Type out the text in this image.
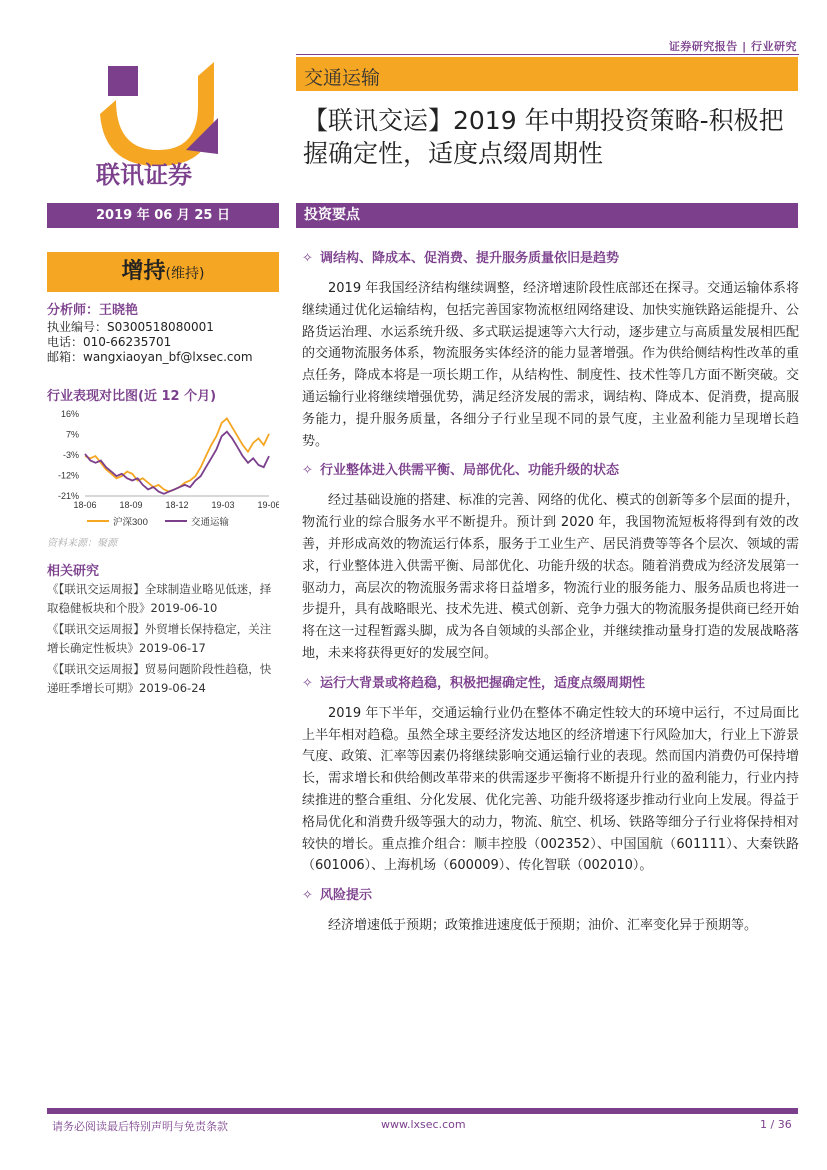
证券研究报告 | 行业研究
交通运输
【联讯交运】2019 年中期投资策略-积极把握确定性，适度点缀周期性
联讯证券
2019 年 06 月 25 日	投资要点
增持(维持)
分析师：王晓艳
执业编号：S0300518080001
电话：010-66235701
邮箱：wangxiaoyan_bf@lxsec.com
行业表现对比图(近 12 个月)
16%
7%
-3%
-12%
-21%
18-06	18-09	18-12	19-03	19-06
沪深300	交通运输
资料来源：聚源
相关研究

《【联讯交运周报】全球制造业略见低迷，择取稳健板块和个股》2019-06-10

《【联讯交运周报】外贸增长保持稳定，关注增长确定性板块》2019-06-17

《【联讯交运周报】贸易问题阶段性趋稳，快递旺季增长可期》2019-06-24

✧ 调结构、降成本、促消费、提升服务质量依旧是趋势

2019 年我国经济结构继续调整，经济增速阶段性底部还在探寻。交通运输体系将继续通过优化运输结构，包括完善国家物流枢纽网络建设、加快实施铁路运能提升、公路货运治理、水运系统升级、多式联运提速等六大行动，逐步建立与高质量发展相匹配的交通物流服务体系，物流服务实体经济的能力显著增强。作为供给侧结构性改革的重点任务，降成本将是一项长期工作，从结构性、制度性、技术性等几方面不断突破。交通运输行业将继续增强优势，满足经济发展的需求，调结构、降成本、促消费，提高服务能力，提升服务质量，各细分子行业呈现不同的景气度，主业盈利能力呈现增长趋势。

✧ 行业整体进入供需平衡、局部优化、功能升级的状态

经过基础设施的搭建、标准的完善、网络的优化、模式的创新等多个层面的提升，物流行业的综合服务水平不断提升。预计到 2020 年，我国物流短板将得到有效的改善，并形成高效的物流运行体系，服务于工业生产、居民消费等等各个层次、领域的需求，行业整体进入供需平衡、局部优化、功能升级的状态。随着消费成为经济发展第一驱动力，高层次的物流服务需求将日益增多，物流行业的服务能力、服务品质也将进一步提升，具有战略眼光、技术先进、模式创新、竞争力强大的物流服务提供商已经开始将在这一过程暂露头脚，成为各自领域的头部企业，并继续推动量身打造的发展战略落地，未来将获得更好的发展空间。

✧ 运行大背景或将趋稳，积极把握确定性，适度点缀周期性

2019 年下半年，交通运输行业仍在整体不确定性较大的环境中运行，不过局面比上半年相对趋稳。虽然全球主要经济发达地区的经济增速下行风险加大，行业上下游景气度、政策、汇率等因素仍将继续影响交通运输行业的表现。然而国内消费仍可保持增长，需求增长和供给侧改革带来的供需逐步平衡将不断提升行业的盈利能力，行业内持续推进的整合重组、分化发展、优化完善、功能升级将逐步推动行业向上发展。得益于格局优化和消费升级等强大的动力，物流、航空、机场、铁路等细分子行业将保持相对较快的增长。重点推介组合：顺丰控股（002352）、中国国航（601111）、大秦铁路（601006）、上海机场（600009）、传化智联（002010）。

✧ 风险提示

经济增速低于预期；政策推进速度低于预期；油价、汇率变化异于预期等。

请务必阅读最后特别声明与免责条款	www.lxsec.com	1 / 36
